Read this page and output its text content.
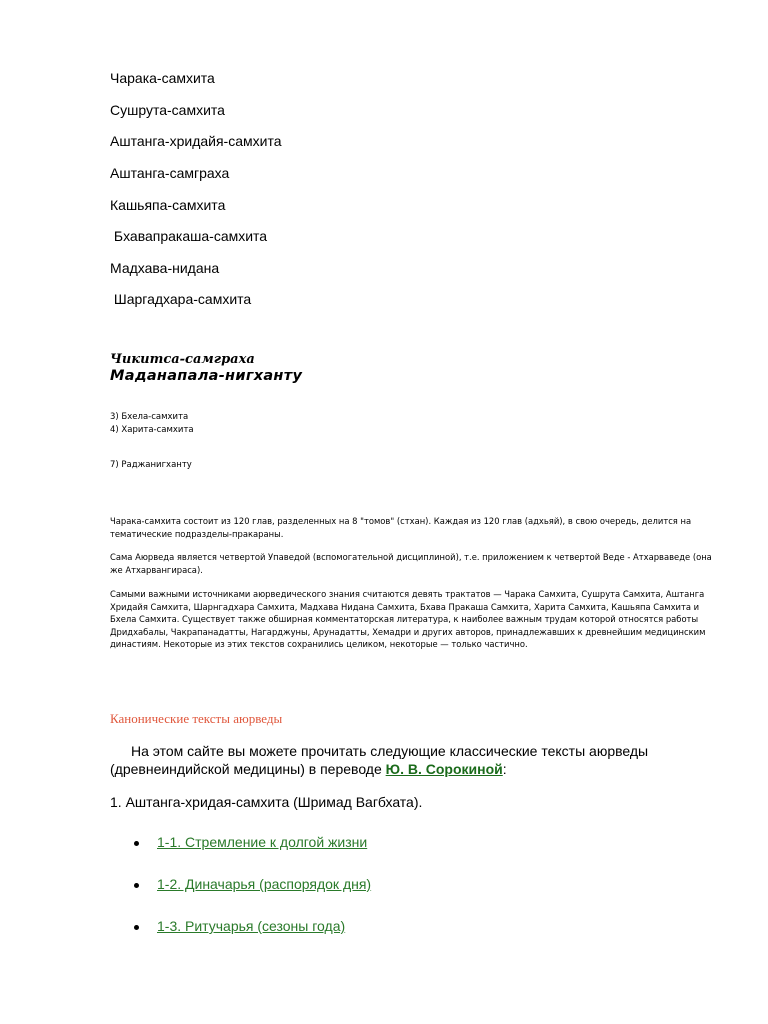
Чарака-самхита
Сушрута-самхита
Аштанга-хридайя-самхита
Аштанга-самграха
Кашьяпа-самхита
Бхавапракаша-самхита
Мадхава-нидана
Шаргадхара-самхита
Чикитса-самграха
Маданапала-нигханту
3) Бхела-самхита
4) Харита-самхита
7) Раджанигханту
Чарака-самхита состоит из 120 глав, разделенных на 8 "томов" (стхан). Каждая из 120 глав (адхьяй), в свою очередь, делится на тематические подразделы-пракараны.
Сама Аюрведа является четвертой Упаведой (вспомогательной дисциплиной), т.е. приложением к четвертой Веде - Атхарваведе (она же Атхарвангираса).
Самыми важными источниками аюрведического знания считаются девять трактатов — Чарака Самхита, Сушрута Самхита, Аштанга Хридайя Самхита, Шарнгадхара Самхита, Мадхава Нидана Самхита, Бхава Пракаша Самхита, Харита Самхита, Кашьяпа Самхита и Бхела Самхита. Существует также обширная комментаторская литература, к наиболее важным трудам которой относятся работы Дридхабалы, Чакрапанадатты, Нагарджуны, Арунадатты, Хемадри и других авторов, принадлежавших к древнейшим медицинским династиям. Некоторые из этих текстов сохранились целиком, некоторые — только частично.
Канонические тексты аюрведы
На этом сайте вы можете прочитать следующие классические тексты аюрведы (древнеиндийской медицины) в переводе Ю. В. Сорокиной:
1. Аштанга-хридая-самхита (Шримад Вагбхата).
1-1. Стремление к долгой жизни
1-2. Диначарья (распорядок дня)
1-3. Ритучарья (сезоны года)
